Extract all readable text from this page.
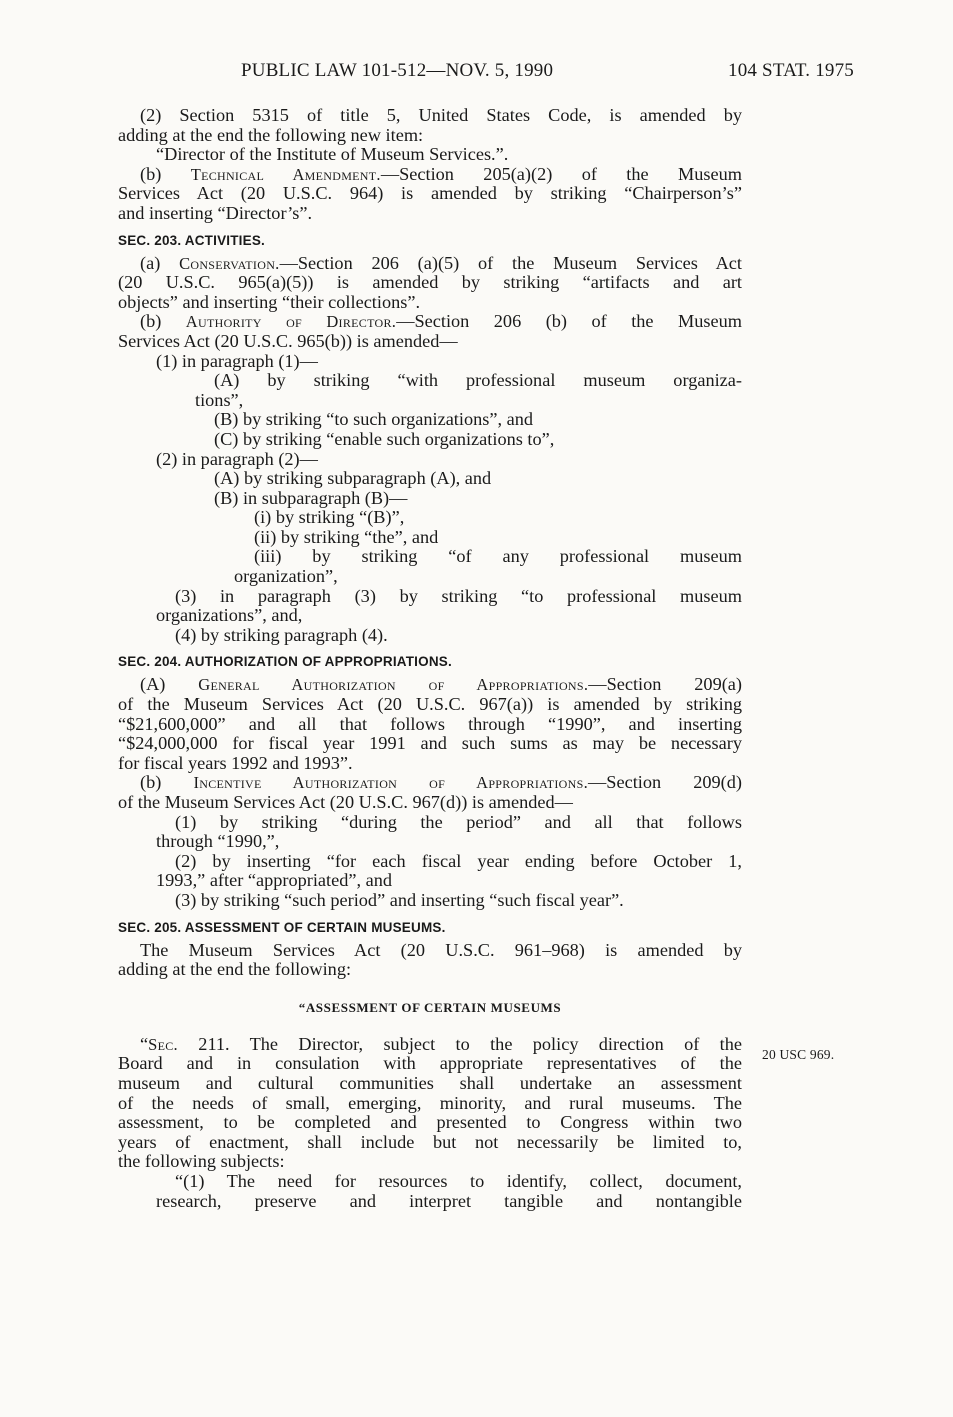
PUBLIC LAW 101-512—NOV. 5, 1990	104 STAT. 1975
20 USC 969.
(2) Section 5315 of title 5, United States Code, is amended by
adding at the end the following new item:
“Director of the Institute of Museum Services.”.
(b) Technical Amendment.—Section 205(a)(2) of the Museum
Services Act (20 U.S.C. 964) is amended by striking “Chairperson’s”
and inserting “Director’s”.
SEC. 203. ACTIVITIES.
(a) Conservation.—Section 206 (a)(5) of the Museum Services Act
(20 U.S.C. 965(a)(5)) is amended by striking “artifacts and art
objects” and inserting “their collections”.
(b) Authority of Director.—Section 206 (b) of the Museum
Services Act (20 U.S.C. 965(b)) is amended—
(1) in paragraph (1)—
(A) by striking “with professional museum organiza-
tions”,
(B) by striking “to such organizations”, and
(C) by striking “enable such organizations to”,
(2) in paragraph (2)—
(A) by striking subparagraph (A), and
(B) in subparagraph (B)—
(i) by striking “(B)”,
(ii) by striking “the”, and
(iii) by striking “of any professional museum
organization”,
(3) in paragraph (3) by striking “to professional museum
organizations”, and,
(4) by striking paragraph (4).
SEC. 204. AUTHORIZATION OF APPROPRIATIONS.
(A) General Authorization of Appropriations.—Section 209(a)
of the Museum Services Act (20 U.S.C. 967(a)) is amended by striking
“$21,600,000” and all that follows through “1990”, and inserting
“$24,000,000 for fiscal year 1991 and such sums as may be necessary
for fiscal years 1992 and 1993”.
(b) Incentive Authorization of Appropriations.—Section 209(d)
of the Museum Services Act (20 U.S.C. 967(d)) is amended—
(1) by striking “during the period” and all that follows
through “1990,”,
(2) by inserting “for each fiscal year ending before October 1,
1993,” after “appropriated”, and
(3) by striking “such period” and inserting “such fiscal year”.
SEC. 205. ASSESSMENT OF CERTAIN MUSEUMS.
The Museum Services Act (20 U.S.C. 961–968) is amended by
adding at the end the following:
“ASSESSMENT OF CERTAIN MUSEUMS
“Sec. 211. The Director, subject to the policy direction of the
Board and in consulation with appropriate representatives of the
museum and cultural communities shall undertake an assessment
of the needs of small, emerging, minority, and rural museums. The
assessment, to be completed and presented to Congress within two
years of enactment, shall include but not necessarily be limited to,
the following subjects:
“(1) The need for resources to identify, collect, document,
research, preserve and interpret tangible and nontangible
